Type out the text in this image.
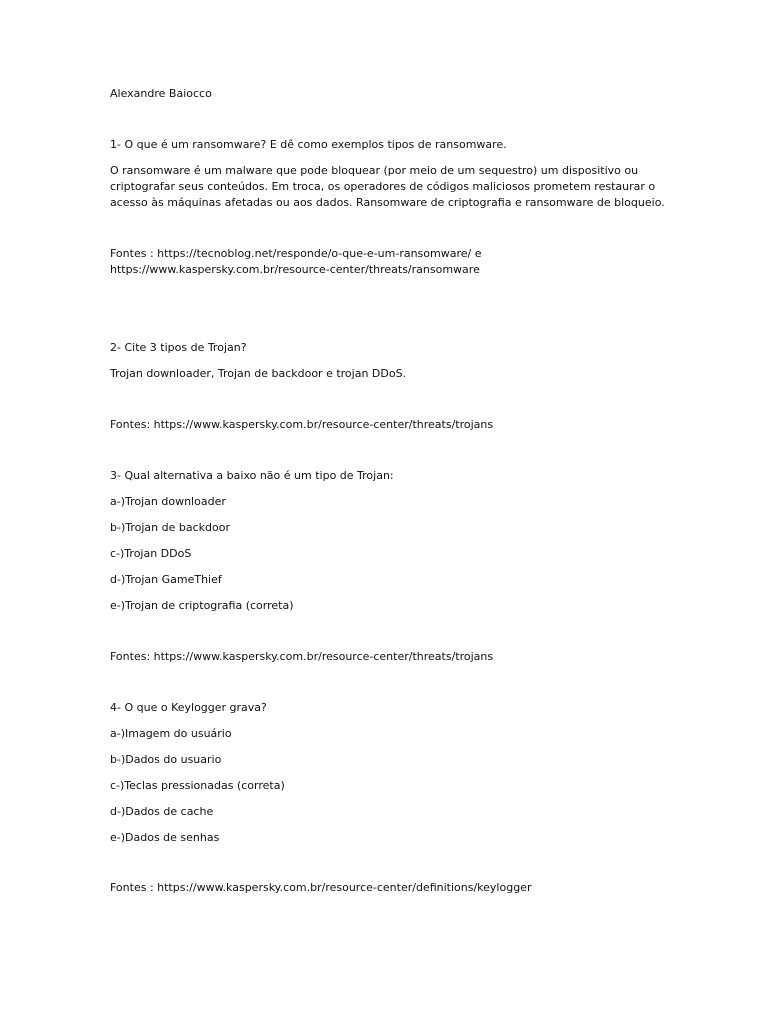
Alexandre Baiocco
1- O que é um ransomware? E dê como exemplos tipos de ransomware.
O ransomware é um malware que pode bloquear (por meio de um sequestro) um dispositivo ou
criptografar seus conteúdos. Em troca, os operadores de códigos maliciosos prometem restaurar o
acesso às máquinas afetadas ou aos dados. Ransomware de criptografia e ransomware de bloqueio.
Fontes : https://tecnoblog.net/responde/o-que-e-um-ransomware/ e
https://www.kaspersky.com.br/resource-center/threats/ransomware
2- Cite 3 tipos de Trojan?
Trojan downloader, Trojan de backdoor e trojan DDoS.
Fontes: https://www.kaspersky.com.br/resource-center/threats/trojans
3- Qual alternativa a baixo não é um tipo de Trojan:
a-)Trojan downloader
b-)Trojan de backdoor
c-)Trojan DDoS
d-)Trojan GameThief
e-)Trojan de criptografia (correta)
Fontes: https://www.kaspersky.com.br/resource-center/threats/trojans
4- O que o Keylogger grava?
a-)Imagem do usuário
b-)Dados do usuario
c-)Teclas pressionadas (correta)
d-)Dados de cache
e-)Dados de senhas
Fontes : https://www.kaspersky.com.br/resource-center/definitions/keylogger
